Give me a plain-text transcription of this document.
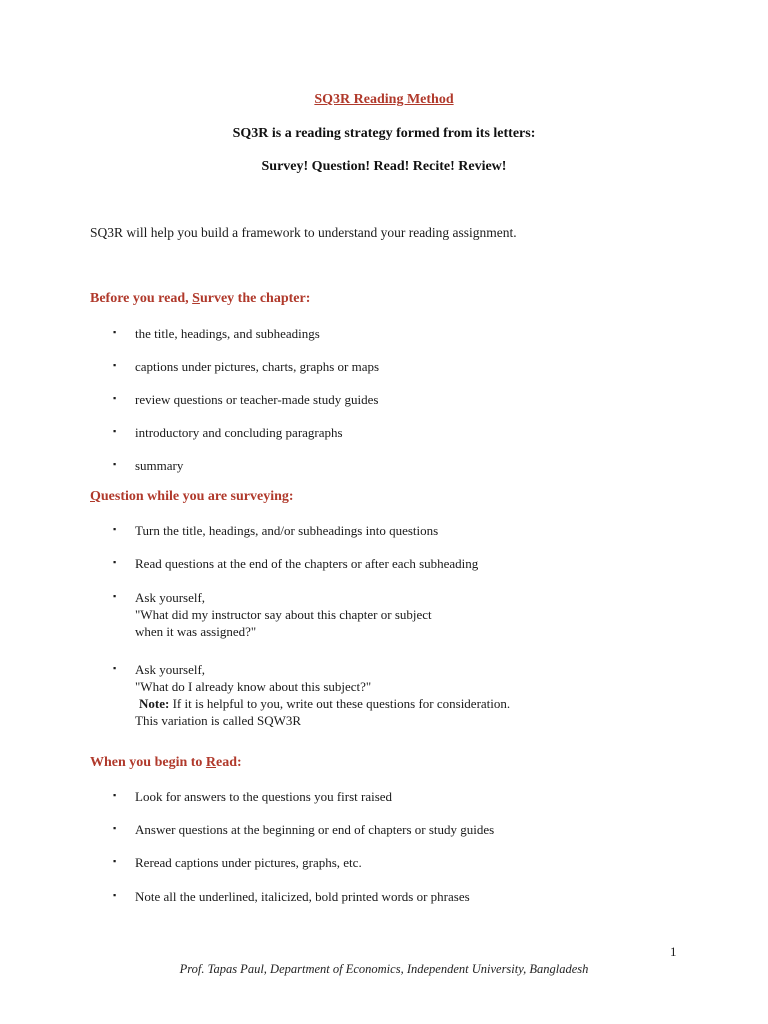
SQ3R Reading Method
SQ3R is a reading strategy formed from its letters:
Survey! Question! Read! Recite! Review!
SQ3R will help you build a framework to understand your reading assignment.
Before you read, Survey the chapter:
▪ the title, headings, and subheadings
▪ captions under pictures, charts, graphs or maps
▪ review questions or teacher-made study guides
▪ introductory and concluding paragraphs
▪ summary
Question while you are surveying:
▪ Turn the title, headings, and/or subheadings into questions
▪ Read questions at the end of the chapters or after each subheading
▪ Ask yourself,
"What did my instructor say about this chapter or subject
when it was assigned?"
▪ Ask yourself,
"What do I already know about this subject?"
Note: If it is helpful to you, write out these questions for consideration.
This variation is called SQW3R
When you begin to Read:
▪ Look for answers to the questions you first raised
▪ Answer questions at the beginning or end of chapters or study guides
▪ Reread captions under pictures, graphs, etc.
▪ Note all the underlined, italicized, bold printed words or phrases
1
Prof. Tapas Paul, Department of Economics, Independent University, Bangladesh
